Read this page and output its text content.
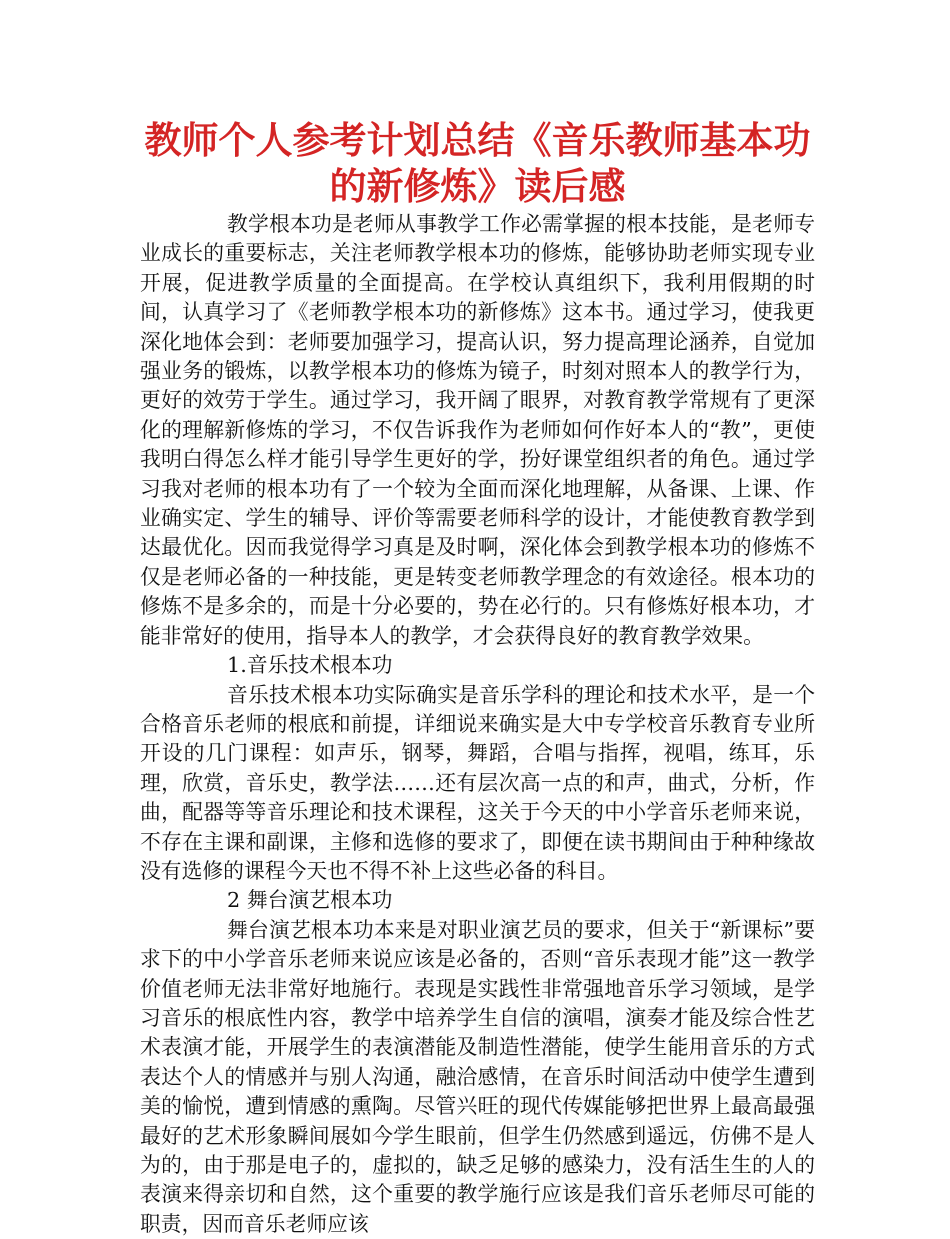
教师个人参考计划总结《音乐教师基本功
的新修炼》读后感

教学根本功是老师从事教学工作必需掌握的根本技能，是老师专业成长的重要标志，关注老师教学根本功的修炼，能够协助老师实现专业开展，促进教学质量的全面提高。在学校认真组织下，我利用假期的时间，认真学习了《老师教学根本功的新修炼》这本书。通过学习，使我更深化地体会到：老师要加强学习，提高认识，努力提高理论涵养，自觉加强业务的锻炼，以教学根本功的修炼为镜子，时刻对照本人的教学行为，更好的效劳于学生。通过学习，我开阔了眼界，对教育教学常规有了更深化的理解新修炼的学习，不仅告诉我作为老师如何作好本人的“教”，更使我明白得怎么样才能引导学生更好的学，扮好课堂组织者的角色。通过学习我对老师的根本功有了一个较为全面而深化地理解，从备课、上课、作业确实定、学生的辅导、评价等需要老师科学的设计，才能使教育教学到达最优化。因而我觉得学习真是及时啊，深化体会到教学根本功的修炼不仅是老师必备的一种技能，更是转变老师教学理念的有效途径。根本功的修炼不是多余的，而是十分必要的，势在必行的。只有修炼好根本功，才能非常好的使用，指导本人的教学，才会获得良好的教育教学效果。

1.音乐技术根本功

音乐技术根本功实际确实是音乐学科的理论和技术水平，是一个合格音乐老师的根底和前提，详细说来确实是大中专学校音乐教育专业所开设的几门课程：如声乐，钢琴，舞蹈，合唱与指挥，视唱，练耳，乐理，欣赏，音乐史，教学法……还有层次高一点的和声，曲式，分析，作曲，配器等等音乐理论和技术课程，这关于今天的中小学音乐老师来说，不存在主课和副课，主修和选修的要求了，即便在读书期间由于种种缘故没有选修的课程今天也不得不补上这些必备的科目。

2 舞台演艺根本功

舞台演艺根本功本来是对职业演艺员的要求，但关于“新课标”要求下的中小学音乐老师来说应该是必备的，否则“音乐表现才能”这一教学价值老师无法非常好地施行。表现是实践性非常强地音乐学习领域，是学习音乐的根底性内容，教学中培养学生自信的演唱，演奏才能及综合性艺术表演才能，开展学生的表演潜能及制造性潜能，使学生能用音乐的方式表达个人的情感并与别人沟通，融洽感情，在音乐时间活动中使学生遭到美的愉悦，遭到情感的熏陶。尽管兴旺的现代传媒能够把世界上最高最强最好的艺术形象瞬间展如今学生眼前，但学生仍然感到遥远，仿佛不是人为的，由于那是电子的，虚拟的，缺乏足够的感染力，没有活生生的人的表演来得亲切和自然，这个重要的教学施行应该是我们音乐老师尽可能的职责，因而音乐老师应该
